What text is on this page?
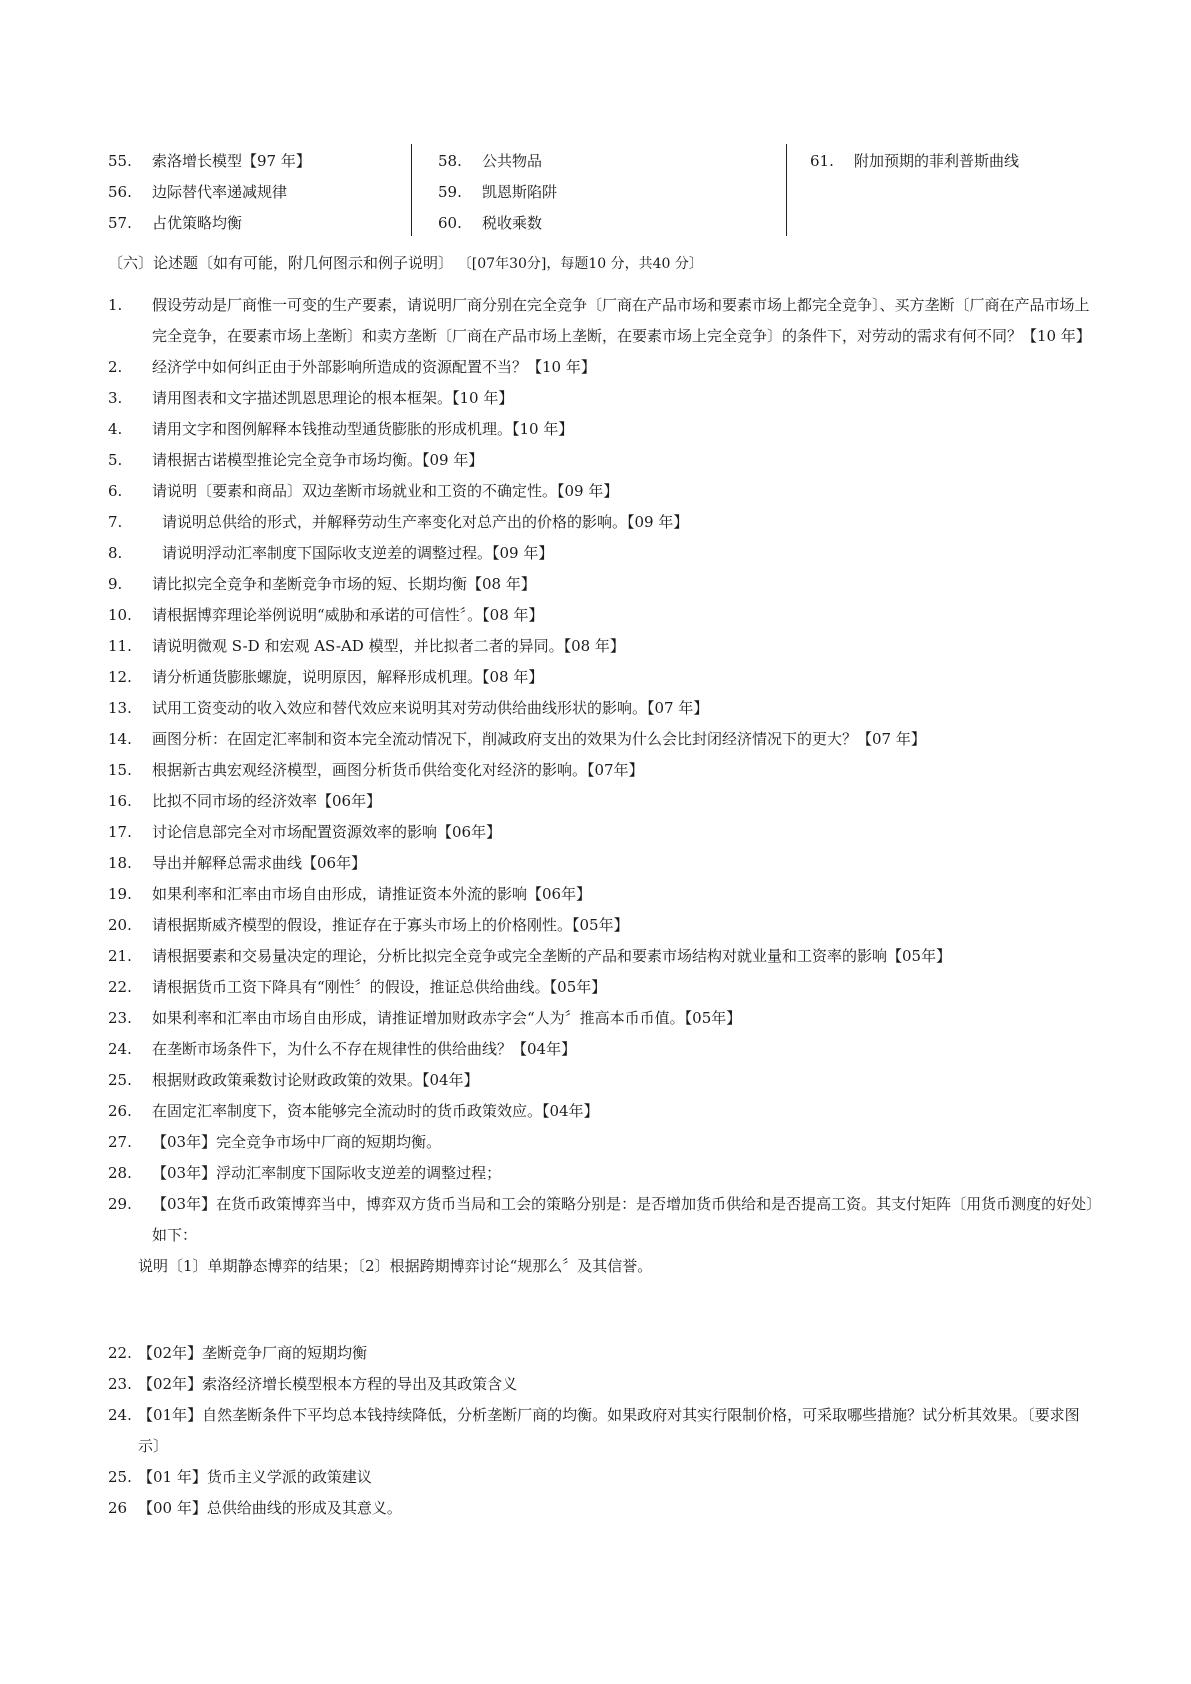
55. 索洛增长模型【97 年】
56. 边际替代率递减规律
57. 占优策略均衡
58. 公共物品
59. 凯恩斯陷阱
60. 税收乘数
61. 附加预期的菲利普斯曲线
〔六〕论述题〔如有可能，附几何图示和例子说明〕 〔[07年30分]，每题10 分，共40 分〕
1. 假设劳动是厂商惟一可变的生产要素，请说明厂商分别在完全竞争〔厂商在产品市场和要素市场上都完全竞争〕、买方垄断〔厂商在产品市场上完全竞争，在要素市场上垄断〕和卖方垄断〔厂商在产品市场上垄断，在要素市场上完全竞争〕的条件下，对劳动的需求有何不同？【10 年】
2. 经济学中如何纠正由于外部影响所造成的资源配置不当？【10 年】
3. 请用图表和文字描述凯恩思理论的根本框架。【10 年】
4. 请用文字和图例解释本钱推动型通货膨胀的形成机理。【10 年】
5. 请根据古诺模型推论完全竞争市场均衡。【09 年】
6. 请说明〔要素和商品〕双边垄断市场就业和工资的不确定性。【09 年】
7.	请说明总供给的形式，并解释劳动生产率变化对总产出的价格的影响。【09 年】
8.	请说明浮动汇率制度下国际收支逆差的调整过程。【09 年】
9. 请比拟完全竞争和垄断竞争市场的短、长期均衡【08 年】
10. 请根据博弈理论举例说明“威胁和承诺的可信性〞。【08 年】
11. 请说明微观 S-D 和宏观 AS-AD 模型，并比拟者二者的异同。【08 年】
12. 请分析通货膨胀螺旋，说明原因，解释形成机理。【08 年】
13. 试用工资变动的收入效应和替代效应来说明其对劳动供给曲线形状的影响。【07 年】
14. 画图分析：在固定汇率制和资本完全流动情况下，削减政府支出的效果为什么会比封闭经济情况下的更大？【07 年】
15. 根据新古典宏观经济模型，画图分析货币供给变化对经济的影响。【07年】
16. 比拟不同市场的经济效率【06年】
17. 讨论信息部完全对市场配置资源效率的影响【06年】
18. 导出并解释总需求曲线【06年】
19. 如果利率和汇率由市场自由形成，请推证资本外流的影响【06年】
20. 请根据斯威齐模型的假设，推证存在于寡头市场上的价格刚性。【05年】
21. 请根据要素和交易量决定的理论，分析比拟完全竞争或完全垄断的产品和要素市场结构对就业量和工资率的影响【05年】
22. 请根据货币工资下降具有“刚性〞的假设，推证总供给曲线。【05年】
23. 如果利率和汇率由市场自由形成，请推证增加财政赤字会“人为〞推高本币币值。【05年】
24. 在垄断市场条件下，为什么不存在规律性的供给曲线？【04年】
25. 根据财政政策乘数讨论财政政策的效果。【04年】
26. 在固定汇率制度下，资本能够完全流动时的货币政策效应。【04年】
27. 【03年】完全竞争市场中厂商的短期均衡。
28. 【03年】浮动汇率制度下国际收支逆差的调整过程；
29. 【03年】在货币政策博弈当中，博弈双方货币当局和工会的策略分别是：是否增加货币供给和是否提高工资。其支付矩阵〔用货币测度的好处〕如下：
说明〔1〕单期静态博弈的结果；〔2〕根据跨期博弈讨论“规那么〞及其信誉。
22. 【02年】垄断竞争厂商的短期均衡
23. 【02年】索洛经济增长模型根本方程的导出及其政策含义
24. 【01年】自然垄断条件下平均总本钱持续降低，分析垄断厂商的均衡。如果政府对其实行限制价格，可采取哪些措施？试分析其效果。〔要求图示〕
25. 【01 年】货币主义学派的政策建议
26 【00 年】总供给曲线的形成及其意义。
